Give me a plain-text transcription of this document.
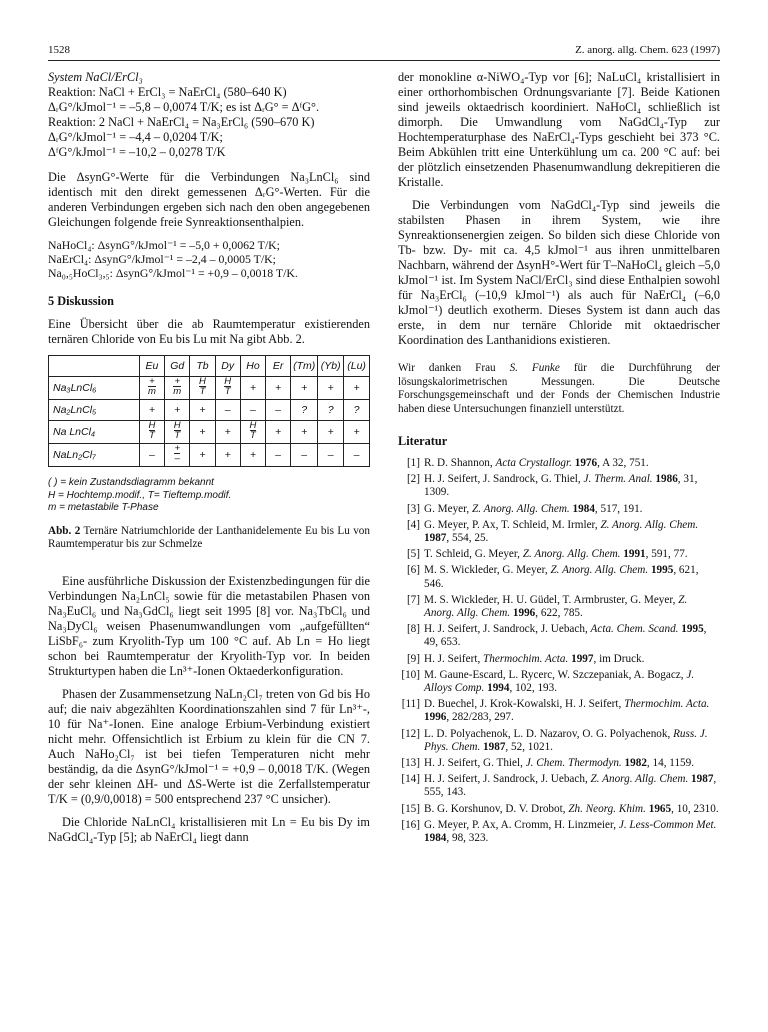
1528	Z. anorg. allg. Chem. 623 (1997)
System NaCl/ErCl₃
Reaktion: NaCl + ErCl₃ = NaErCl₄ (580–640 K)
ΔᵣG°/kJmol⁻¹ = –5,8 – 0,0074 T/K; es ist ΔᵣG° = ΔᶠG°.
Reaktion: 2 NaCl + NaErCl₄ = Na₃ErCl₆ (590–670 K)
ΔᵣG°/kJmol⁻¹ = –4,4 – 0,0204 T/K;
ΔᶠG°/kJmol⁻¹ = –10,2 – 0,0278 T/K

Die ΔsynG°-Werte für die Verbindungen Na₃LnCl₆ sind identisch mit den direkt gemessenen ΔᵣG°-Werten. Für die anderen Verbindungen ergeben sich nach den oben angegebenen Gleichungen folgende freie Synreaktionsenthalpien.

NaHoCl₄: ΔsynG°/kJmol⁻¹ = –5,0 + 0,0062 T/K;
NaErCl₄: ΔsynG°/kJmol⁻¹ = –2,4 – 0,0005 T/K;
Na₀,₅HoCl₃,₅: ΔsynG°/kJmol⁻¹ = +0,9 – 0,0018 T/K.
5 Diskussion

Eine Übersicht über die ab Raumtemperatur existierenden ternären Chloride von Eu bis Lu mit Na gibt Abb. 2.

	Eu	Gd	Tb	Dy	Ho	Er	(Tm)	(Yb)	(Lu)
Na₃LnCl₆	$\frac{+}{m}$	$\frac{+}{m}$	$\frac{H}{T}$	$\frac{H}{T}$	+	+	+	+	+
Na₂LnCl₅	+	+	+	–	–	–	?	?	?
Na LnCl₄	$\frac{H}{T}$	$\frac{H}{T}$	+	+	$\frac{H}{T}$	+	+	+	+
NaLn₂Cl₇	–	$\frac{+}{-}$	+	+	+	–	–	–	–
( ) = kein Zustandsdiagramm bekannt
H = Hochtemp.modif., T= Tieftemp.modif.
m = metastabile T-Phase

Abb. 2 Ternäre Natriumchloride der Lanthanidelemente Eu bis Lu von Raumtemperatur bis zur Schmelze

Eine ausführliche Diskussion der Existenzbedingungen für die Verbindungen Na₂LnCl₅ sowie für die metastabilen Phasen von Na₃EuCl₆ und Na₃GdCl₆ liegt seit 1995 [8] vor. Na₃TbCl₆ und Na₃DyCl₆ weisen Phasenumwandlungen vom „aufgefüllten“ LiSbF₆- zum Kryolith-Typ um 100 °C auf. Ab Ln = Ho liegt schon bei Raumtemperatur der Kryolith-Typ vor. In beiden Strukturtypen haben die Ln³⁺-Ionen Oktaederkonfiguration.

Phasen der Zusammensetzung NaLn₂Cl₇ treten von Gd bis Ho auf; die naiv abgezählten Koordinationszahlen sind 7 für Ln³⁺-, 10 für Na⁺-Ionen. Eine analoge Erbium-Verbindung existiert nicht mehr. Offensichtlich ist Erbium zu klein für die CN 7. Auch NaHo₂Cl₇ ist bei tiefen Temperaturen nicht mehr beständig, da die ΔsynG°/kJmol⁻¹ = +0,9 – 0,0018 T/K. (Wegen der sehr kleinen ΔH- und ΔS-Werte ist die Zerfallstemperatur T/K = (0,9/0,0018) = 500 entsprechend 237 °C unsicher).

Die Chloride NaLnCl₄ kristallisieren mit Ln = Eu bis Dy im NaGdCl₄-Typ [5]; ab NaErCl₄ liegt dann

der monokline α-NiWO₄-Typ vor [6]; NaLuCl₄ kristallisiert in einer orthorhombischen Ordnungsvariante [7]. Beide Kationen sind jeweils oktaedrisch koordiniert. NaHoCl₄ schließlich ist dimorph. Die Umwandlung vom NaGdCl₄-Typ zur Hochtemperaturphase des NaErCl₄-Typs geschieht bei 373 °C. Beim Abkühlen tritt eine Unterkühlung um ca. 200 °C auf: bei der plötzlich einsetzenden Phasenumwandlung dekrepitieren die Kristalle.

Die Verbindungen vom NaGdCl₄-Typ sind jeweils die stabilsten Phasen in ihrem System, wie ihre Synreaktionsenergien zeigen. So bilden sich diese Chloride von Tb- bzw. Dy- mit ca. 4,5 kJmol⁻¹ aus ihren unmittelbaren Nachbarn, während der ΔsynH°-Wert für T–NaHoCl₄ gleich –5,0 kJmol⁻¹ ist. Im System NaCl/ErCl₃ sind diese Enthalpien sowohl für Na₃ErCl₆ (–10,9 kJmol⁻¹) als auch für NaErCl₄ (–6,0 kJmol⁻¹) deutlich exotherm. Dieses System ist dann auch das erste, in dem nur ternäre Chloride mit oktaedrischer Koordination des Lanthanidions existieren.

Wir danken Frau S. Funke für die Durchführung der lösungskalorimetrischen Messungen. Die Deutsche Forschungsgemeinschaft und der Fonds der Chemischen Industrie haben diese Untersuchungen finanziell unterstützt.

Literatur
[1] R. D. Shannon, Acta Crystallogr. 1976, A 32, 751.
[2] H. J. Seifert, J. Sandrock, G. Thiel, J. Therm. Anal. 1986, 31, 1309.
[3] G. Meyer, Z. Anorg. Allg. Chem. 1984, 517, 191.
[4] G. Meyer, P. Ax, T. Schleid, M. Irmler, Z. Anorg. Allg. Chem. 1987, 554, 25.
[5] T. Schleid, G. Meyer, Z. Anorg. Allg. Chem. 1991, 591, 77.
[6] M. S. Wickleder, G. Meyer, Z. Anorg. Allg. Chem. 1995, 621, 546.
[7] M. S. Wickleder, H. U. Güdel, T. Armbruster, G. Meyer, Z. Anorg. Allg. Chem. 1996, 622, 785.
[8] H. J. Seifert, J. Sandrock, J. Uebach, Acta. Chem. Scand. 1995, 49, 653.
[9] H. J. Seifert, Thermochim. Acta. 1997, im Druck.
[10] M. Gaune-Escard, L. Rycerc, W. Szczepaniak, A. Bogacz, J. Alloys Comp. 1994, 102, 193.
[11] D. Buechel, J. Krok-Kowalski, H. J. Seifert, Thermochim. Acta. 1996, 282/283, 297.
[12] L. D. Polyachenok, L. D. Nazarov, O. G. Polyachenok, Russ. J. Phys. Chem. 1987, 52, 1021.
[13] H. J. Seifert, G. Thiel, J. Chem. Thermodyn. 1982, 14, 1159.
[14] H. J. Seifert, J. Sandrock, J. Uebach, Z. Anorg. Allg. Chem. 1987, 555, 143.
[15] B. G. Korshunov, D. V. Drobot, Zh. Neorg. Khim. 1965, 10, 2310.
[16] G. Meyer, P. Ax, A. Cromm, H. Linzmeier, J. Less-Common Met. 1984, 98, 323.
